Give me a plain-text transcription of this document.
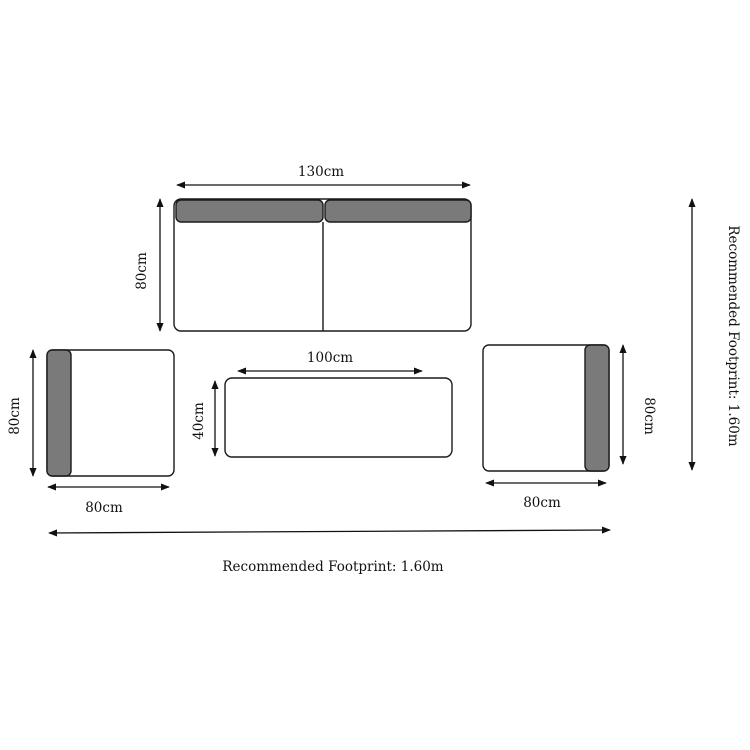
130cm
80cm
80cm
80cm
100cm
40cm	80cm
80cm
Recommended Footprint: 1.60m
Recommended Footprint: 1.60m
